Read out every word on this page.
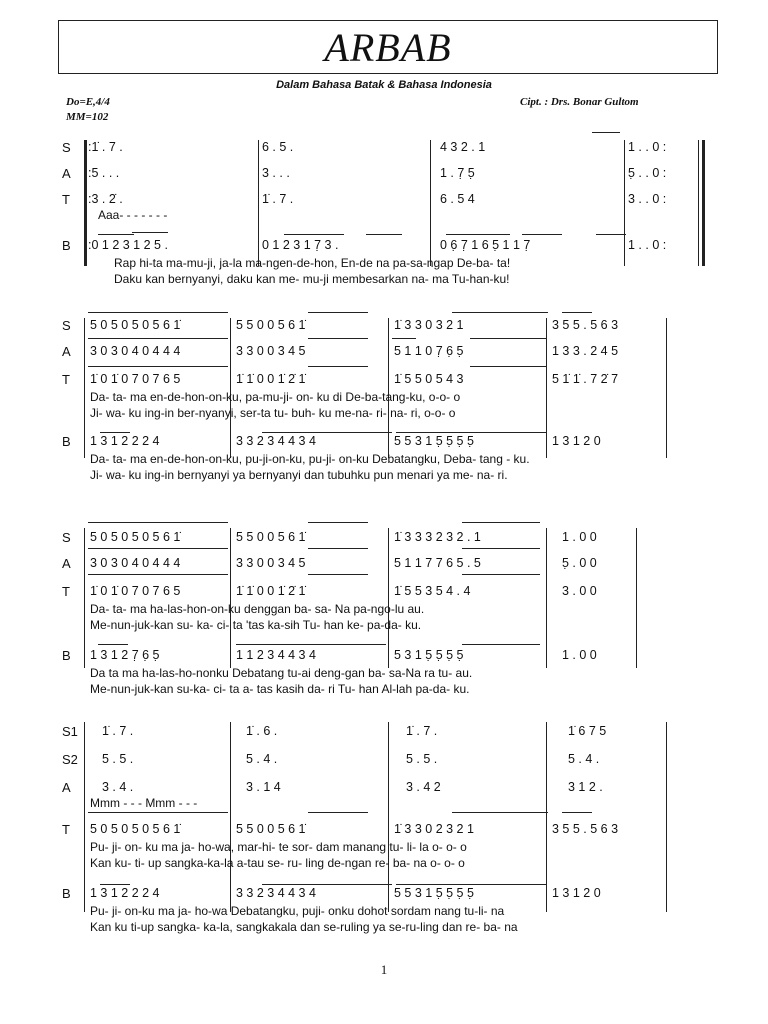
ARBAB
Dalam Bahasa Batak & Bahasa Indonesia
Do=E,4/4
MM=102
Cipt. : Drs. Bonar Gultom
S	:1̇ . 7 .	6 . 5 .	4 3 2 . 1	1 . . 0 :
A	:5 . . .	3 . . .	1 . 7̣ 5̣	5̣ . . 0 :
T	:3 . 2̇ .	1̇ . 7 .	6 . 5 4	3 . . 0 :
Aaa- - - - - - -
B	:0 1 2 3 1 2 5 .	0 1 2 3 1 7̣ 3 .	0 6̣ 7̣ 1 6 5̣ 1 1 7̣	1 . . 0 :
Rap hi-ta ma-mu-ji, ja-la ma-ngen-de-hon, En-de na pa-sa-ngap De-ba- ta!
Daku kan bernyanyi, daku kan me- mu-ji membesarkan na- ma Tu-han-ku!
S	5 0 5 0 5 0 5 6 1̇	5 5 0 0 5 6 1̇	1̇ 3 3 0 3 2 1	3 5 5 . 5 6 3
A	3 0 3 0 4 0 4 4 4	3 3 0 0 3 4 5	5 1 1 0 7̣ 6̣ 5̣	1 3 3 . 2 4 5
T	1̇ 0 1̇ 0 7 0 7 6 5	1̇ 1̇ 0 0 1̇ 2̇ 1̇	1̇ 5 5 0 5 4 3	5 1̇ 1̇ . 7 2̇ 7
Da- ta- ma en-de-hon-on-ku, pa-mu-ji- on- ku di De-ba-tang-ku, o-o- o
Ji- wa- ku ing-in ber-nyanyi, ser-ta tu- buh- ku me-na- ri- na- ri, o-o- o
B	1 3 1 2 2 2 4	3 3 2 3 4 4 3 4	5 5 3 1 5̣ 5̣ 5̣ 5̣	1 3 1 2 0
Da- ta- ma en-de-hon-on-ku, pu-ji-on-ku, pu-ji- on-ku Debatangku, Deba- tang - ku.
Ji- wa- ku ing-in bernyanyi ya bernyanyi dan tubuhku pun menari ya me- na- ri.
S	5 0 5 0 5 0 5 6 1̇	5 5 0 0 5 6 1̇	1̇ 3 3 3 2 3 2 . 1	1 . 0 0
A	3 0 3 0 4 0 4 4 4	3 3 0 0 3 4 5	5 1 1 7 7 6 5 . 5	5̣ . 0 0
T	1̇ 0 1̇ 0 7 0 7 6 5	1̇ 1̇ 0 0 1̇ 2̇ 1̇	1̇ 5 5 3 5 4 . 4	3 . 0 0
Da- ta- ma ha-las-hon-on-ku denggan ba- sa- Na pa-ngo-lu au.
Me-nun-juk-kan su- ka- ci- ta 'tas ka-sih Tu- han ke- pa-da- ku.
B	1 3 1 2 7̣ 6̣ 5̣	1 1 2 3 4 4 3 4	5 3 1 5̣ 5̣ 5̣ 5̣	1 . 0 0
Da ta ma ha-las-ho-nonku Debatang tu-ai deng-gan ba- sa-Na ra tu- au.
Me-nun-juk-kan su-ka- ci- ta a- tas kasih da- ri Tu- han Al-lah pa-da- ku.
S1	1̇ . 7 .	1̇ . 6 .	1̇ . 7 .	1̇ 6 7 5
S2	5 . 5 .	5 . 4 .	5 . 5 .	5 . 4 .
A	3 . 4 .	3 . 1 4	3 . 4 2	3 1 2 .
Mmm - - - Mmm - - -
T	5 0 5 0 5 0 5 6 1̇	5 5 0 0 5 6 1̇	1̇ 3 3 0 2 3 2 1	3 5 5 . 5 6 3
Pu- ji- on- ku ma ja- ho-wa, mar-hi- te sor- dam manang tu- li- la o- o- o
Kan ku- ti- up sangka-ka-la a-tau se- ru- ling de-ngan re- ba- na o- o- o
B	1 3 1 2 2 2 4	3 3 2 3 4 4 3 4	5 5 3 1 5̣ 5̣ 5̣ 5̣	1 3 1 2 0
Pu- ji- on-ku ma ja- ho-wa Debatangku, puji- onku dohot sordam nang tu-li- na
Kan ku ti-up sangka- ka-la, sangkakala dan se-ruling ya se-ru-ling dan re- ba- na
1
